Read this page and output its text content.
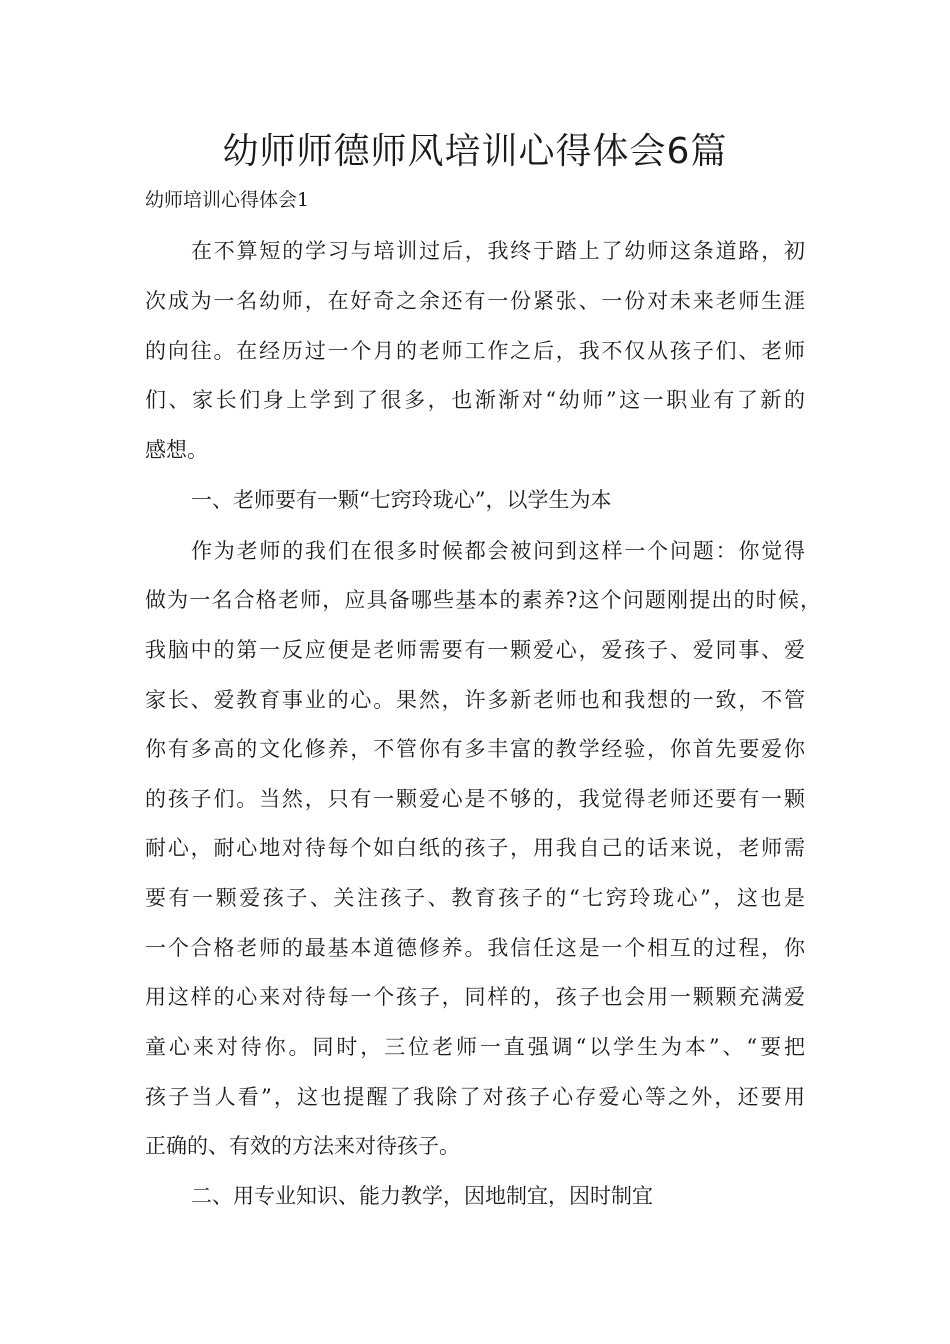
幼师师德师风培训心得体会6篇

幼师培训心得体会1

在不算短的学习与培训过后，我终于踏上了幼师这条道路，初

次成为一名幼师，在好奇之余还有一份紧张、一份对未来老师生涯

的向往。在经历过一个月的老师工作之后，我不仅从孩子们、老师

们、家长们身上学到了很多，也渐渐对“幼师”这一职业有了新的

感想。

一、老师要有一颗“七窍玲珑心”，以学生为本

作为老师的我们在很多时候都会被问到这样一个问题：你觉得

做为一名合格老师，应具备哪些基本的素养?这个问题刚提出的时候，

我脑中的第一反应便是老师需要有一颗爱心，爱孩子、爱同事、爱

家长、爱教育事业的心。果然，许多新老师也和我想的一致，不管

你有多高的文化修养，不管你有多丰富的教学经验，你首先要爱你

的孩子们。当然，只有一颗爱心是不够的，我觉得老师还要有一颗

耐心，耐心地对待每个如白纸的孩子，用我自己的话来说，老师需

要有一颗爱孩子、关注孩子、教育孩子的“七窍玲珑心”，这也是

一个合格老师的最基本道德修养。我信任这是一个相互的过程，你

用这样的心来对待每一个孩子，同样的，孩子也会用一颗颗充满爱

童心来对待你。同时，三位老师一直强调“以学生为本”、“要把

孩子当人看”，这也提醒了我除了对孩子心存爱心等之外，还要用

正确的、有效的方法来对待孩子。

二、用专业知识、能力教学，因地制宜，因时制宜
